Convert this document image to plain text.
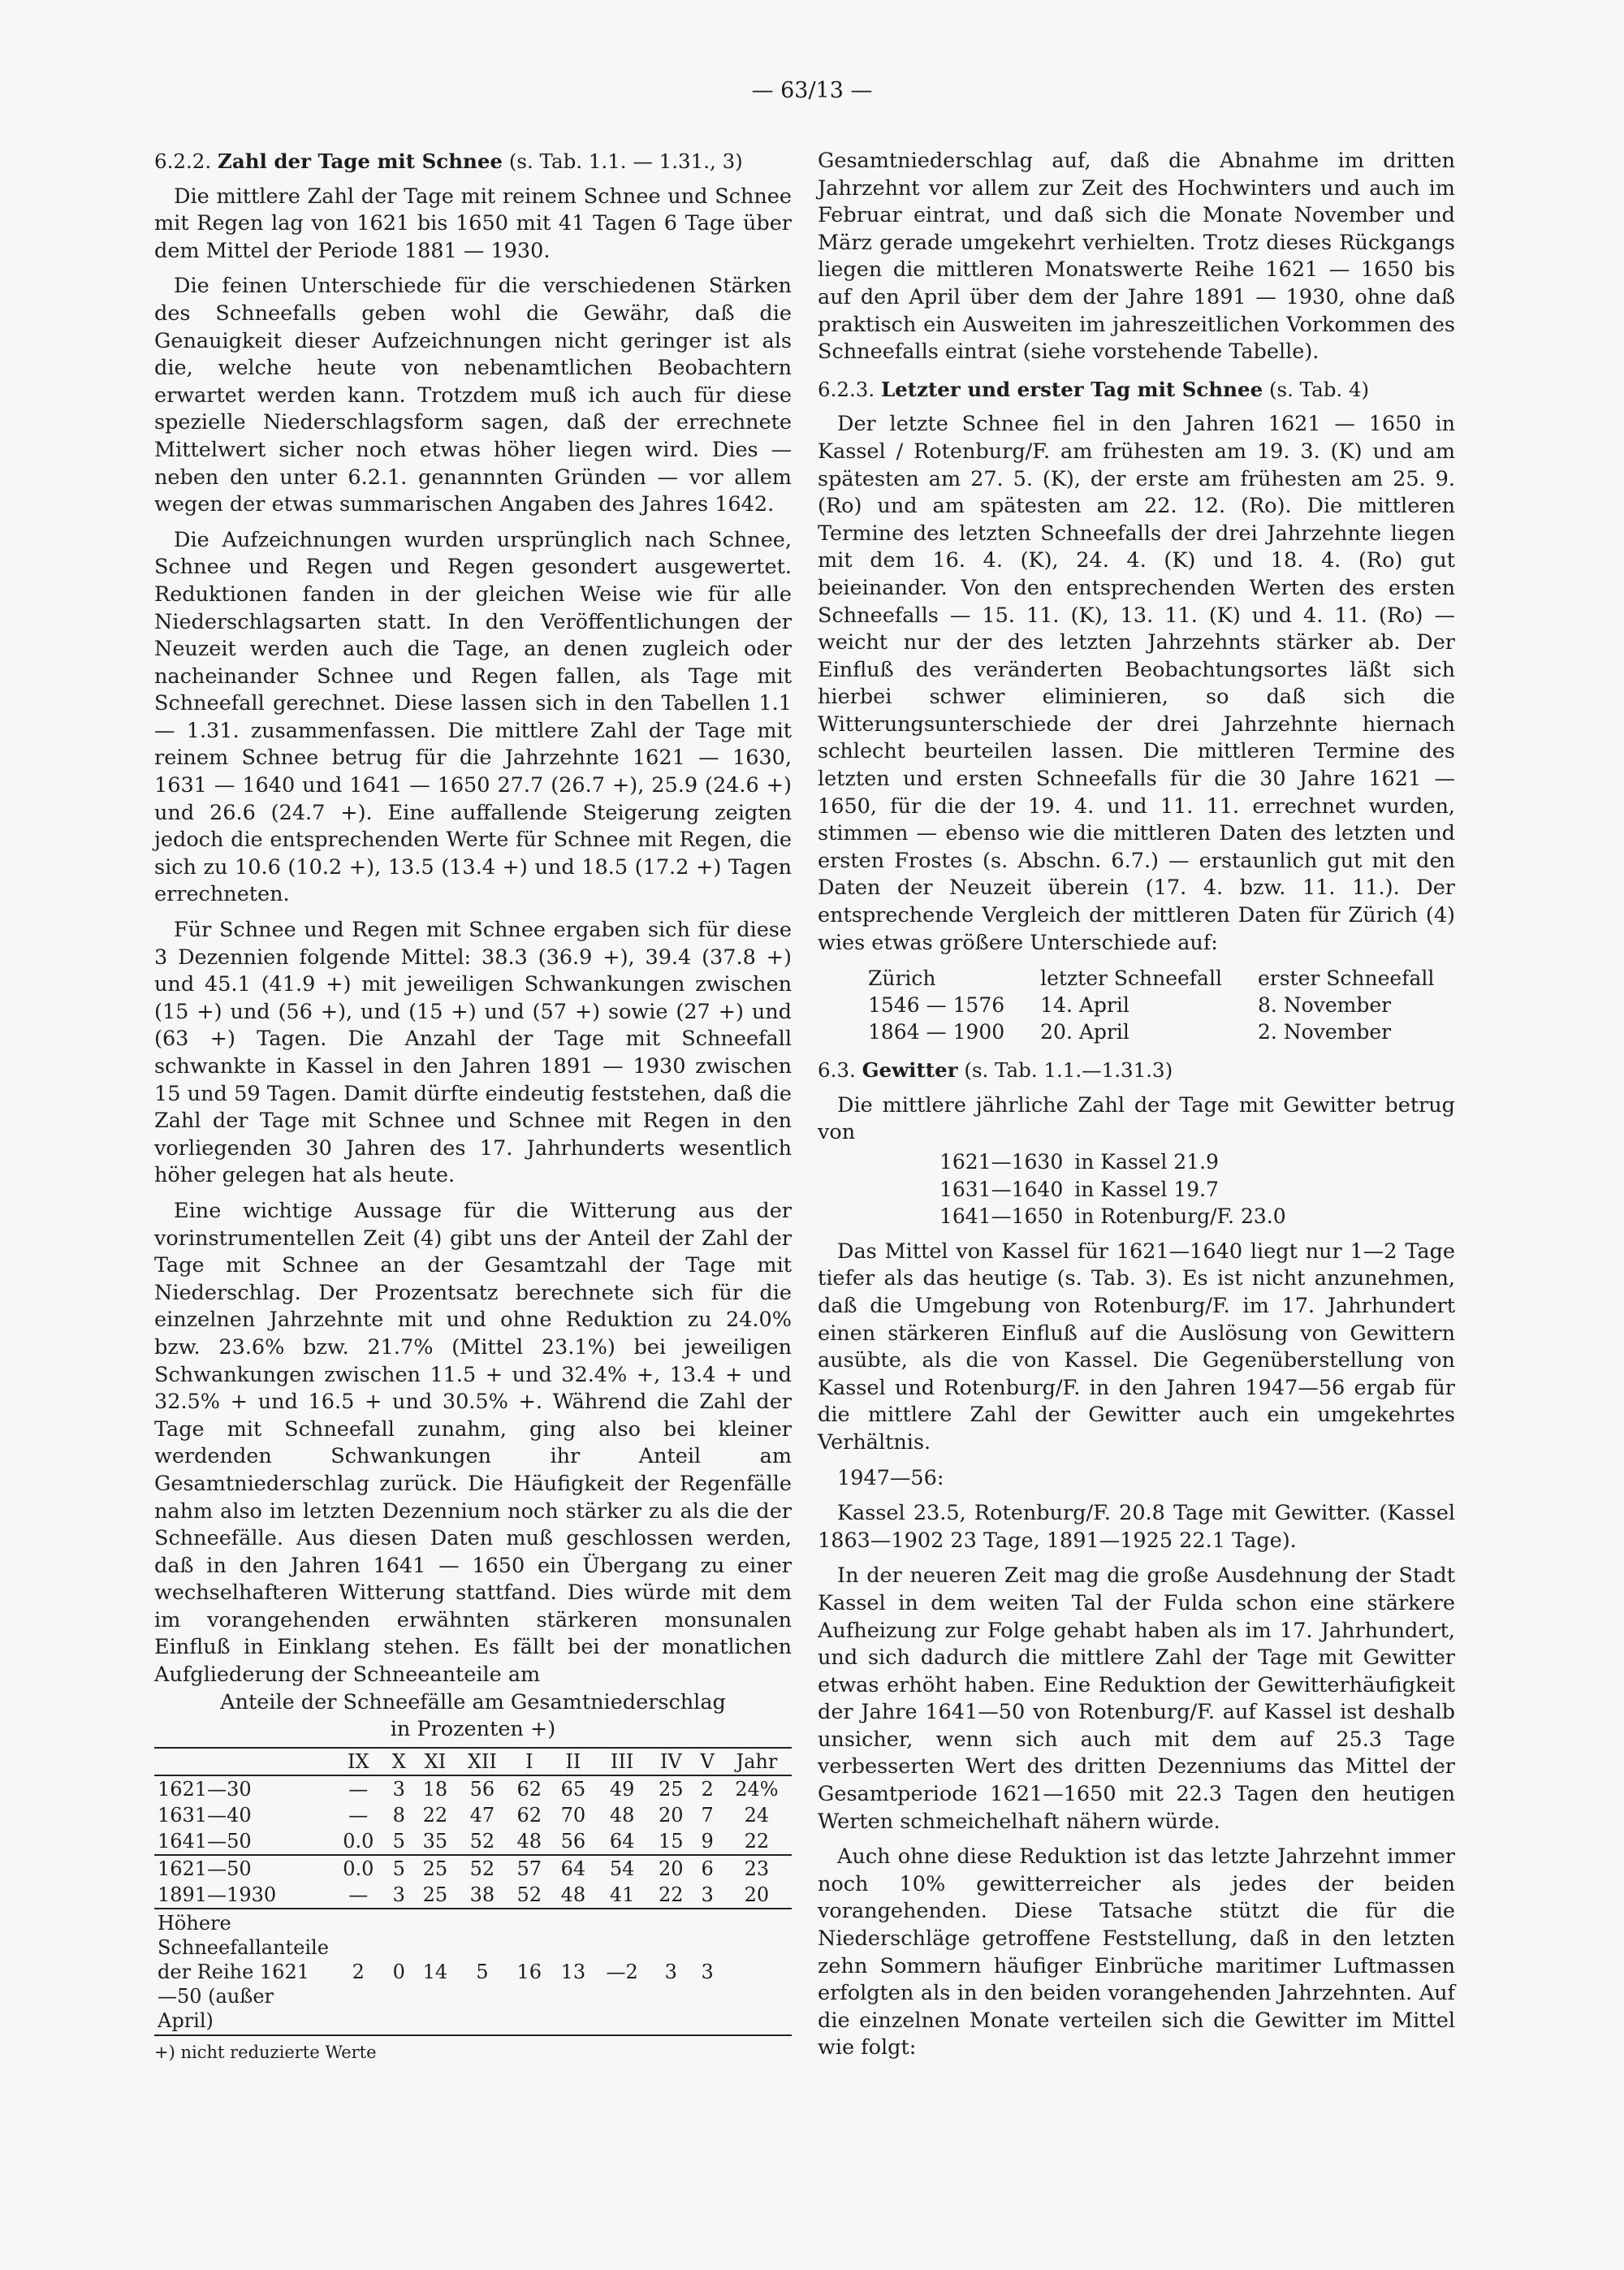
— 63/13 —
6.2.2. Zahl der Tage mit Schnee (s. Tab. 1.1. — 1.31., 3)

Die mittlere Zahl der Tage mit reinem Schnee und Schnee mit Regen lag von 1621 bis 1650 mit 41 Tagen 6 Tage über dem Mittel der Periode 1881 — 1930.

Die feinen Unterschiede für die verschiedenen Stärken des Schneefalls geben wohl die Gewähr, daß die Genauigkeit dieser Aufzeichnungen nicht geringer ist als die, welche heute von nebenamtlichen Beobachtern erwartet werden kann. Trotzdem muß ich auch für diese spezielle Niederschlagsform sagen, daß der errechnete Mittelwert sicher noch etwas höher liegen wird. Dies — neben den unter 6.2.1. genannnten Gründen — vor allem wegen der etwas summarischen Angaben des Jahres 1642.

Die Aufzeichnungen wurden ursprünglich nach Schnee, Schnee und Regen und Regen gesondert ausgewertet. Reduktionen fanden in der gleichen Weise wie für alle Niederschlagsarten statt. In den Veröffentlichungen der Neuzeit werden auch die Tage, an denen zugleich oder nacheinander Schnee und Regen fallen, als Tage mit Schneefall gerechnet. Diese lassen sich in den Tabellen 1.1 — 1.31. zusammenfassen. Die mittlere Zahl der Tage mit reinem Schnee betrug für die Jahrzehnte 1621 — 1630, 1631 — 1640 und 1641 — 1650 27.7 (26.7 +), 25.9 (24.6 +) und 26.6 (24.7 +). Eine auffallende Steigerung zeigten jedoch die entsprechenden Werte für Schnee mit Regen, die sich zu 10.6 (10.2 +), 13.5 (13.4 +) und 18.5 (17.2 +) Tagen errechneten.

Für Schnee und Regen mit Schnee ergaben sich für diese 3 Dezennien folgende Mittel: 38.3 (36.9 +), 39.4 (37.8 +) und 45.1 (41.9 +) mit jeweiligen Schwankungen zwischen (15 +) und (56 +), und (15 +) und (57 +) sowie (27 +) und (63 +) Tagen. Die Anzahl der Tage mit Schneefall schwankte in Kassel in den Jahren 1891 — 1930 zwischen 15 und 59 Tagen. Damit dürfte eindeutig feststehen, daß die Zahl der Tage mit Schnee und Schnee mit Regen in den vorliegenden 30 Jahren des 17. Jahrhunderts wesentlich höher gelegen hat als heute.

Eine wichtige Aussage für die Witterung aus der vorinstrumentellen Zeit (4) gibt uns der Anteil der Zahl der Tage mit Schnee an der Gesamtzahl der Tage mit Niederschlag. Der Prozentsatz berechnete sich für die einzelnen Jahrzehnte mit und ohne Reduktion zu 24.0% bzw. 23.6% bzw. 21.7% (Mittel 23.1%) bei jeweiligen Schwankungen zwischen 11.5 + und 32.4% +, 13.4 + und 32.5% + und 16.5 + und 30.5% +. Während die Zahl der Tage mit Schneefall zunahm, ging also bei kleiner werdenden Schwankungen ihr Anteil am Gesamtniederschlag zurück. Die Häufigkeit der Regenfälle nahm also im letzten Dezennium noch stärker zu als die der Schneefälle. Aus diesen Daten muß geschlossen werden, daß in den Jahren 1641 — 1650 ein Übergang zu einer wechselhafteren Witterung stattfand. Dies würde mit dem im vorangehenden erwähnten stärkeren monsunalen Einfluß in Einklang stehen. Es fällt bei der monatlichen Aufgliederung der Schneeanteile am

Anteile der Schneefälle am Gesamtniederschlag
in Prozenten +)
	IX	X	XI	XII	I	II	III	IV	V	Jahr
1621—30	—	3	18	56	62	65	49	25	2	24%
1631—40	—	8	22	47	62	70	48	20	7	24
1641—50	0.0	5	35	52	48	56	64	15	9	22
1621—50	0.0	5	25	52	57	64	54	20	6	23
1891—1930	—	3	25	38	52	48	41	22	3	20
Höhere Schneefallanteile der Reihe 1621—50 (außer April)	2	0	14	5	16	13	—2	3	3	
+) nicht reduzierte Werte

Gesamtniederschlag auf, daß die Abnahme im dritten Jahrzehnt vor allem zur Zeit des Hochwinters und auch im Februar eintrat, und daß sich die Monate November und März gerade umgekehrt verhielten. Trotz dieses Rückgangs liegen die mittleren Monatswerte Reihe 1621 — 1650 bis auf den April über dem der Jahre 1891 — 1930, ohne daß praktisch ein Ausweiten im jahreszeitlichen Vorkommen des Schneefalls eintrat (siehe vorstehende Tabelle).

6.2.3. Letzter und erster Tag mit Schnee (s. Tab. 4)

Der letzte Schnee fiel in den Jahren 1621 — 1650 in Kassel / Rotenburg/F. am frühesten am 19. 3. (K) und am spätesten am 27. 5. (K), der erste am frühesten am 25. 9. (Ro) und am spätesten am 22. 12. (Ro). Die mittleren Termine des letzten Schneefalls der drei Jahrzehnte liegen mit dem 16. 4. (K), 24. 4. (K) und 18. 4. (Ro) gut beieinander. Von den entsprechenden Werten des ersten Schneefalls — 15. 11. (K), 13. 11. (K) und 4. 11. (Ro) — weicht nur der des letzten Jahrzehnts stärker ab. Der Einfluß des veränderten Beobachtungsortes läßt sich hierbei schwer eliminieren, so daß sich die Witterungsunterschiede der drei Jahrzehnte hiernach schlecht beurteilen lassen. Die mittleren Termine des letzten und ersten Schneefalls für die 30 Jahre 1621 — 1650, für die der 19. 4. und 11. 11. errechnet wurden, stimmen — ebenso wie die mittleren Daten des letzten und ersten Frostes (s. Abschn. 6.7.) — erstaunlich gut mit den Daten der Neuzeit überein (17. 4. bzw. 11. 11.). Der entsprechende Vergleich der mittleren Daten für Zürich (4) wies etwas größere Unterschiede auf:

Zürich	letzter Schneefall	erster Schneefall
1546 — 1576	14. April	8. November
1864 — 1900	20. April	2. November
6.3. Gewitter (s. Tab. 1.1.—1.31.3)

Die mittlere jährliche Zahl der Tage mit Gewitter betrug von

1621—1630	in Kassel 21.9
1631—1640	in Kassel 19.7
1641—1650	in Rotenburg/F. 23.0

Das Mittel von Kassel für 1621—1640 liegt nur 1—2 Tage tiefer als das heutige (s. Tab. 3). Es ist nicht anzunehmen, daß die Umgebung von Rotenburg/F. im 17. Jahrhundert einen stärkeren Einfluß auf die Auslösung von Gewittern ausübte, als die von Kassel. Die Gegenüberstellung von Kassel und Rotenburg/F. in den Jahren 1947—56 ergab für die mittlere Zahl der Gewitter auch ein umgekehrtes Verhältnis.

1947—56:

Kassel 23.5, Rotenburg/F. 20.8 Tage mit Gewitter. (Kassel 1863—1902 23 Tage, 1891—1925 22.1 Tage).

In der neueren Zeit mag die große Ausdehnung der Stadt Kassel in dem weiten Tal der Fulda schon eine stärkere Aufheizung zur Folge gehabt haben als im 17. Jahrhundert, und sich dadurch die mittlere Zahl der Tage mit Gewitter etwas erhöht haben. Eine Reduktion der Gewitterhäufigkeit der Jahre 1641—50 von Rotenburg/F. auf Kassel ist deshalb unsicher, wenn sich auch mit dem auf 25.3 Tage verbesserten Wert des dritten Dezenniums das Mittel der Gesamtperiode 1621—1650 mit 22.3 Tagen den heutigen Werten schmeichelhaft nähern würde.

Auch ohne diese Reduktion ist das letzte Jahrzehnt immer noch 10% gewitterreicher als jedes der beiden vorangehenden. Diese Tatsache stützt die für die Niederschläge getroffene Feststellung, daß in den letzten zehn Sommern häufiger Einbrüche maritimer Luftmassen erfolgten als in den beiden vorangehenden Jahrzehnten. Auf die einzelnen Monate verteilen sich die Gewitter im Mittel wie folgt:
